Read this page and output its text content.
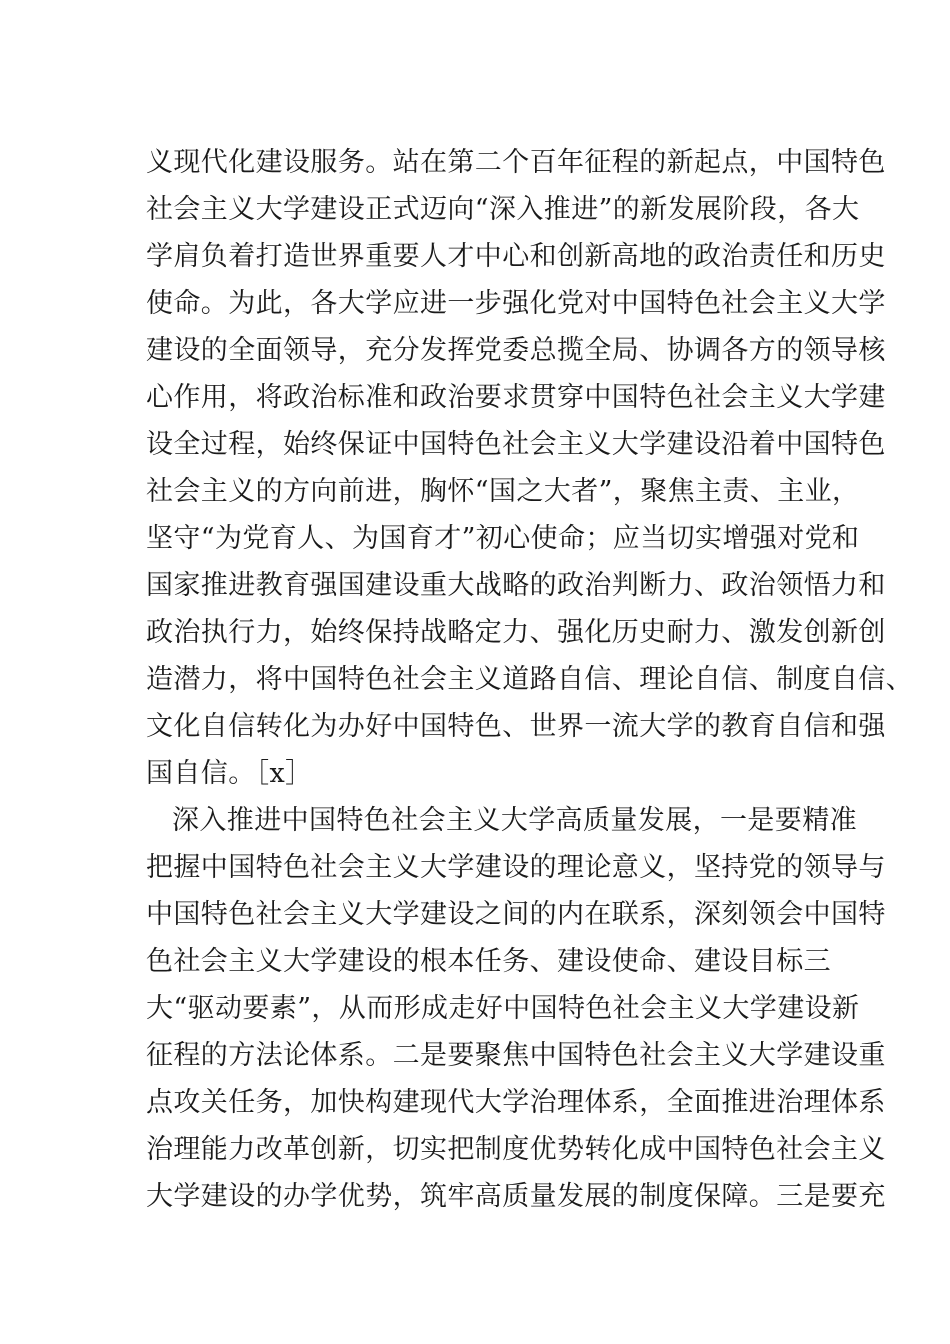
义现代化建设服务。站在第二个百年征程的新起点，中国特色
社会主义大学建设正式迈向“深入推进”的新发展阶段，各大
学肩负着打造世界重要人才中心和创新高地的政治责任和历史
使命。为此，各大学应进一步强化党对中国特色社会主义大学
建设的全面领导，充分发挥党委总揽全局、协调各方的领导核
心作用，将政治标准和政治要求贯穿中国特色社会主义大学建
设全过程，始终保证中国特色社会主义大学建设沿着中国特色
社会主义的方向前进，胸怀“国之大者”，聚焦主责、主业，
坚守“为党育人、为国育才”初心使命；应当切实增强对党和
国家推进教育强国建设重大战略的政治判断力、政治领悟力和
政治执行力，始终保持战略定力、强化历史耐力、激发创新创
造潜力，将中国特色社会主义道路自信、理论自信、制度自信、
文化自信转化为办好中国特色、世界一流大学的教育自信和强
国自信。［x］
深入推进中国特色社会主义大学高质量发展，一是要精准
把握中国特色社会主义大学建设的理论意义，坚持党的领导与
中国特色社会主义大学建设之间的内在联系，深刻领会中国特
色社会主义大学建设的根本任务、建设使命、建设目标三
大“驱动要素”，从而形成走好中国特色社会主义大学建设新
征程的方法论体系。二是要聚焦中国特色社会主义大学建设重
点攻关任务，加快构建现代大学治理体系，全面推进治理体系
治理能力改革创新，切实把制度优势转化成中国特色社会主义
大学建设的办学优势，筑牢高质量发展的制度保障。三是要充
